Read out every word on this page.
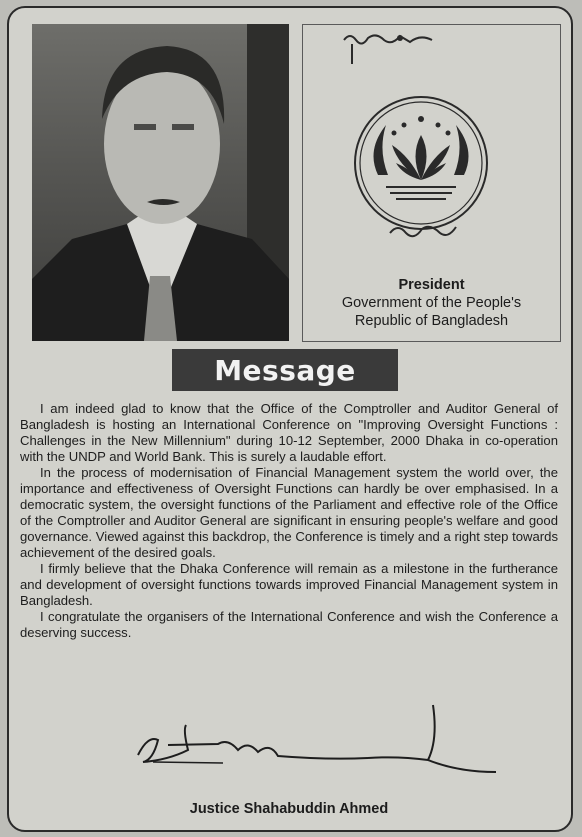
President
Government of the People's
Republic of Bangladesh
Message

I am indeed glad to know that the Office of the Comptroller and Auditor General of Bangladesh is hosting an International Conference on "Improving Oversight Functions : Challenges in the New Millennium" during 10-12 September, 2000 Dhaka in co-operation with the UNDP and World Bank. This is surely a laudable effort.

In the process of modernisation of Financial Management system the world over, the importance and effectiveness of Oversight Functions can hardly be over emphasised. In a democratic system, the oversight functions of the Parliament and effective role of the Office of the Comptroller and Auditor General are significant in ensuring people's welfare and good governance. Viewed against this backdrop, the Conference is timely and a right step towards achievement of the desired goals.

I firmly believe that the Dhaka Conference will remain as a milestone in the furtherance and development of oversight functions towards improved Financial Management system in Bangladesh.

I congratulate the organisers of the International Conference and wish the Conference a deserving success.

Justice Shahabuddin Ahmed
